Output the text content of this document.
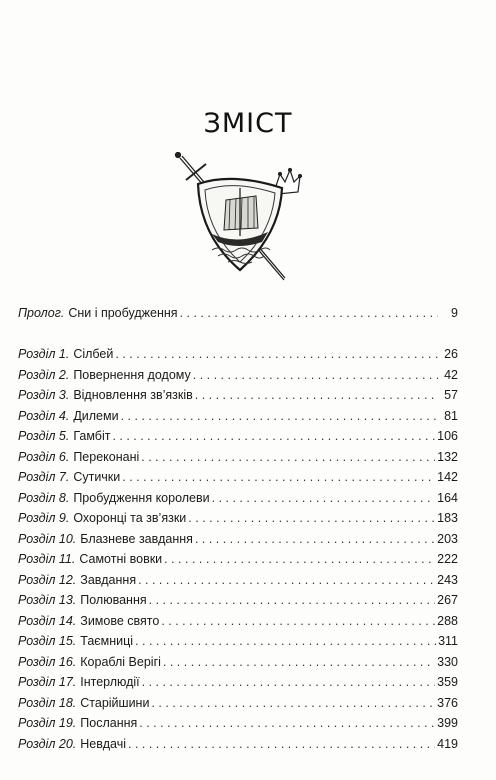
ЗМІСТ
Пролог. Сни і пробудження . . .	9
Розділ 1. Сілбей . . .	26
Розділ 2. Повернення додому . . .	42
Розділ 3. Відновлення зв’язків . . .	57
Розділ 4. Дилеми . . .	81
Розділ 5. Гамбіт . . .	106
Розділ 6. Переконані . . .	132
Розділ 7. Сутички . . .	142
Розділ 8. Пробудження королеви . . .	164
Розділ 9. Охоронці та зв’язки . . .	183
Розділ 10. Блазневе завдання . . .	203
Розділ 11. Самотні вовки . . .	222
Розділ 12. Завдання . . .	243
Розділ 13. Полювання . . .	267
Розділ 14. Зимове свято . . .	288
Розділ 15. Таємниці . . .	311
Розділ 16. Кораблі Верігі . . .	330
Розділ 17. Інтерлюдії . . .	359
Розділ 18. Старійшини . . .	376
Розділ 19. Послання . . .	399
Розділ 20. Невдачі . . .	419
